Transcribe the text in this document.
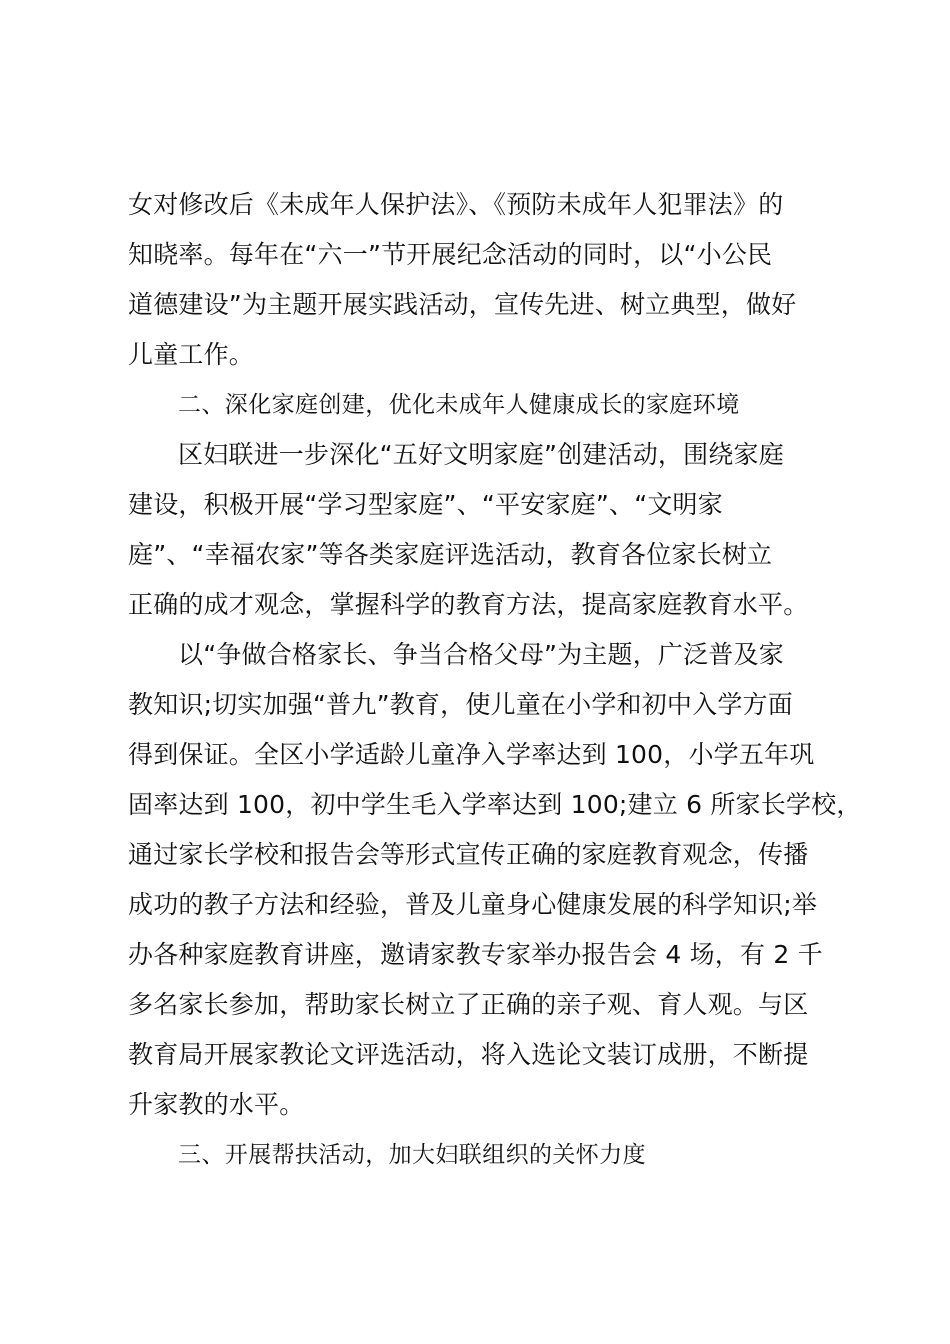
女对修改后《未成年人保护法》、《预防未成年人犯罪法》的
知晓率。每年在“六一”节开展纪念活动的同时，以“小公民
道德建设”为主题开展实践活动，宣传先进、树立典型，做好
儿童工作。
二、深化家庭创建，优化未成年人健康成长的家庭环境
区妇联进一步深化“五好文明家庭”创建活动，围绕家庭
建设，积极开展“学习型家庭”、“平安家庭”、“文明家
庭”、“幸福农家”等各类家庭评选活动，教育各位家长树立
正确的成才观念，掌握科学的教育方法，提高家庭教育水平。
以“争做合格家长、争当合格父母”为主题，广泛普及家
教知识;切实加强“普九”教育，使儿童在小学和初中入学方面
得到保证。全区小学适龄儿童净入学率达到 100，小学五年巩
固率达到 100，初中学生毛入学率达到 100;建立 6 所家长学校，
通过家长学校和报告会等形式宣传正确的家庭教育观念，传播
成功的教子方法和经验，普及儿童身心健康发展的科学知识;举
办各种家庭教育讲座，邀请家教专家举办报告会 4 场，有 2 千
多名家长参加，帮助家长树立了正确的亲子观、育人观。与区
教育局开展家教论文评选活动，将入选论文装订成册，不断提
升家教的水平。
三、开展帮扶活动，加大妇联组织的关怀力度
